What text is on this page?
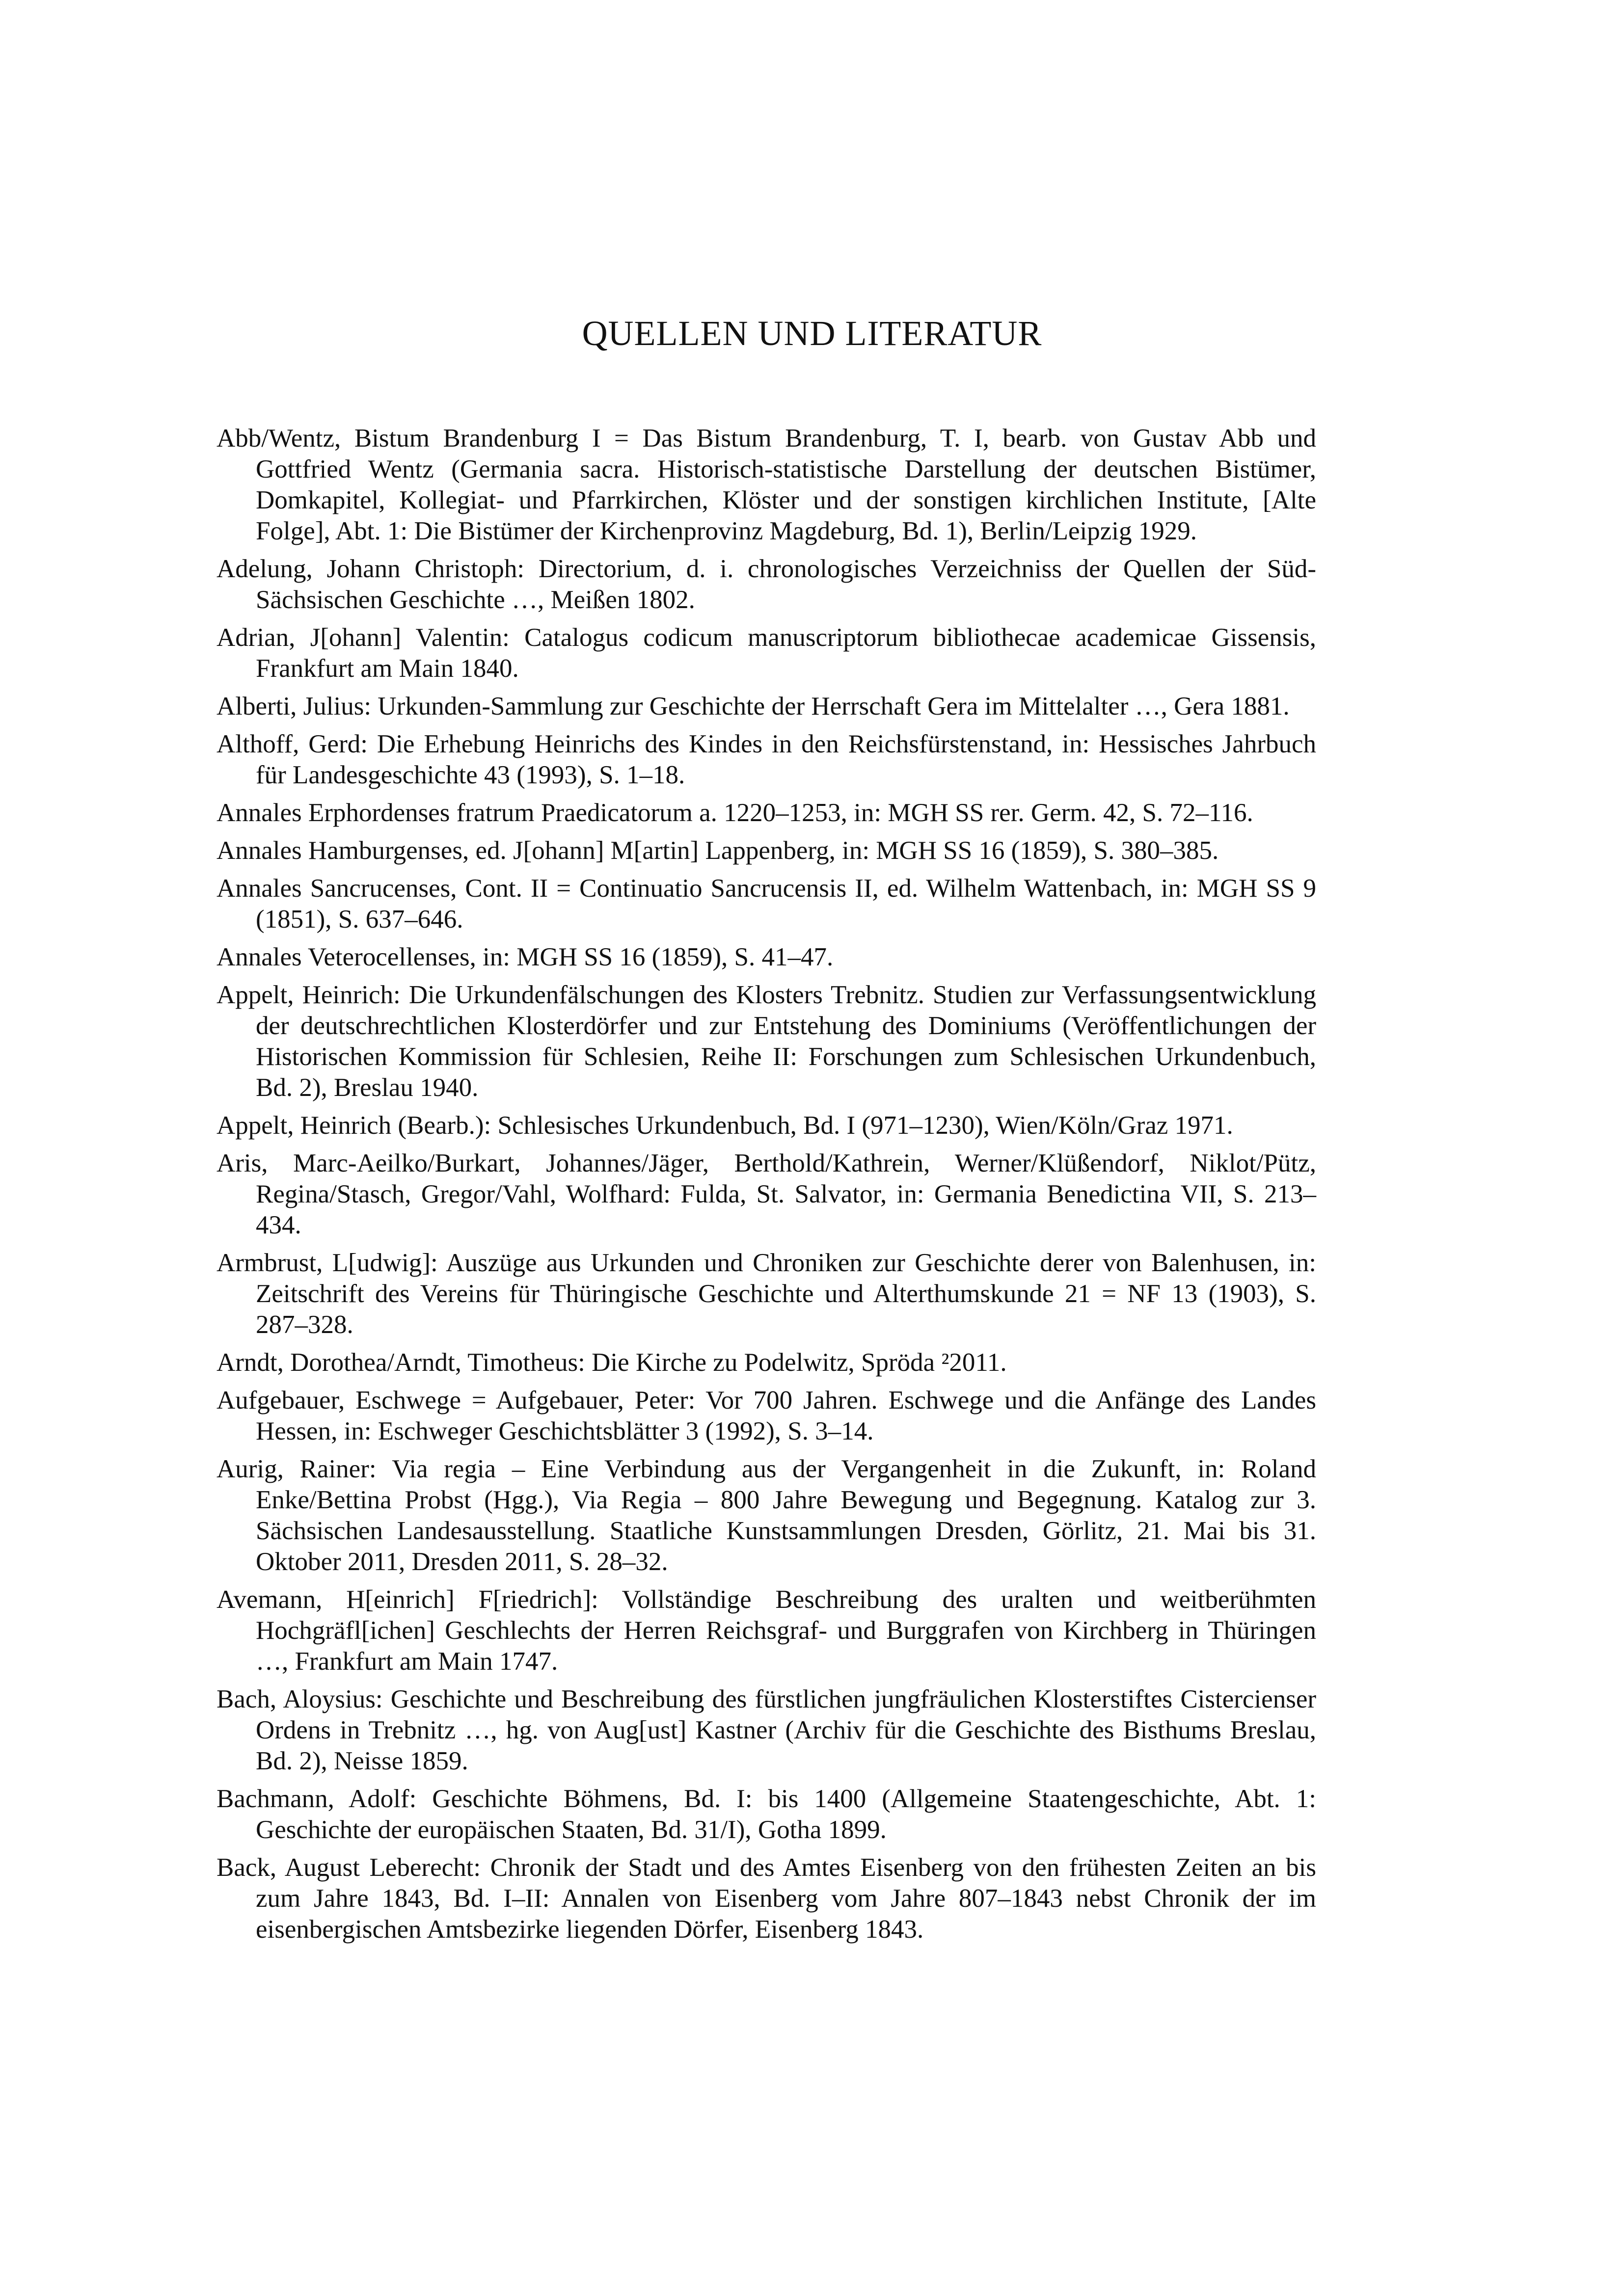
QUELLEN UND LITERATUR
Abb/Wentz, Bistum Brandenburg I = Das Bistum Brandenburg, T. I, bearb. von Gustav Abb und Gottfried Wentz (Germania sacra. Historisch-statistische Darstellung der deutschen Bistümer, Domkapitel, Kollegiat- und Pfarrkirchen, Klöster und der sonstigen kirchlichen Institute, [Alte Folge], Abt. 1: Die Bistümer der Kirchenprovinz Magdeburg, Bd. 1), Berlin/Leipzig 1929.
Adelung, Johann Christoph: Directorium, d. i. chronologisches Verzeichniss der Quellen der Süd-Sächsischen Geschichte …, Meißen 1802.
Adrian, J[ohann] Valentin: Catalogus codicum manuscriptorum bibliothecae academicae Gissensis, Frankfurt am Main 1840.
Alberti, Julius: Urkunden-Sammlung zur Geschichte der Herrschaft Gera im Mittelalter …, Gera 1881.
Althoff, Gerd: Die Erhebung Heinrichs des Kindes in den Reichsfürstenstand, in: Hessisches Jahrbuch für Landesgeschichte 43 (1993), S. 1–18.
Annales Erphordenses fratrum Praedicatorum a. 1220–1253, in: MGH SS rer. Germ. 42, S. 72–116.
Annales Hamburgenses, ed. J[ohann] M[artin] Lappenberg, in: MGH SS 16 (1859), S. 380–385.
Annales Sancrucenses, Cont. II = Continuatio Sancrucensis II, ed. Wilhelm Wattenbach, in: MGH SS 9 (1851), S. 637–646.
Annales Veterocellenses, in: MGH SS 16 (1859), S. 41–47.
Appelt, Heinrich: Die Urkundenfälschungen des Klosters Trebnitz. Studien zur Verfassungsentwicklung der deutschrechtlichen Klosterdörfer und zur Entstehung des Dominiums (Veröffentlichungen der Historischen Kommission für Schlesien, Reihe II: Forschungen zum Schlesischen Urkundenbuch, Bd. 2), Breslau 1940.
Appelt, Heinrich (Bearb.): Schlesisches Urkundenbuch, Bd. I (971–1230), Wien/Köln/Graz 1971.
Aris, Marc-Aeilko/Burkart, Johannes/Jäger, Berthold/Kathrein, Werner/Klüßendorf, Niklot/Pütz, Regina/Stasch, Gregor/Vahl, Wolfhard: Fulda, St. Salvator, in: Germania Benedictina VII, S. 213–434.
Armbrust, L[udwig]: Auszüge aus Urkunden und Chroniken zur Geschichte derer von Balenhusen, in: Zeitschrift des Vereins für Thüringische Geschichte und Alterthumskunde 21 = NF 13 (1903), S. 287–328.
Arndt, Dorothea/Arndt, Timotheus: Die Kirche zu Podelwitz, Spröda ²2011.
Aufgebauer, Eschwege = Aufgebauer, Peter: Vor 700 Jahren. Eschwege und die Anfänge des Landes Hessen, in: Eschweger Geschichtsblätter 3 (1992), S. 3–14.
Aurig, Rainer: Via regia – Eine Verbindung aus der Vergangenheit in die Zukunft, in: Roland Enke/Bettina Probst (Hgg.), Via Regia – 800 Jahre Bewegung und Begegnung. Katalog zur 3. Sächsischen Landesausstellung. Staatliche Kunstsammlungen Dresden, Görlitz, 21. Mai bis 31. Oktober 2011, Dresden 2011, S. 28–32.
Avemann, H[einrich] F[riedrich]: Vollständige Beschreibung des uralten und weitberühmten Hochgräfl[ichen] Geschlechts der Herren Reichsgraf- und Burggrafen von Kirchberg in Thüringen …, Frankfurt am Main 1747.
Bach, Aloysius: Geschichte und Beschreibung des fürstlichen jungfräulichen Klosterstiftes Cistercienser Ordens in Trebnitz …, hg. von Aug[ust] Kastner (Archiv für die Geschichte des Bisthums Breslau, Bd. 2), Neisse 1859.
Bachmann, Adolf: Geschichte Böhmens, Bd. I: bis 1400 (Allgemeine Staatengeschichte, Abt. 1: Geschichte der europäischen Staaten, Bd. 31/I), Gotha 1899.
Back, August Leberecht: Chronik der Stadt und des Amtes Eisenberg von den frühesten Zeiten an bis zum Jahre 1843, Bd. I–II: Annalen von Eisenberg vom Jahre 807–1843 nebst Chronik der im eisenbergischen Amtsbezirke liegenden Dörfer, Eisenberg 1843.
